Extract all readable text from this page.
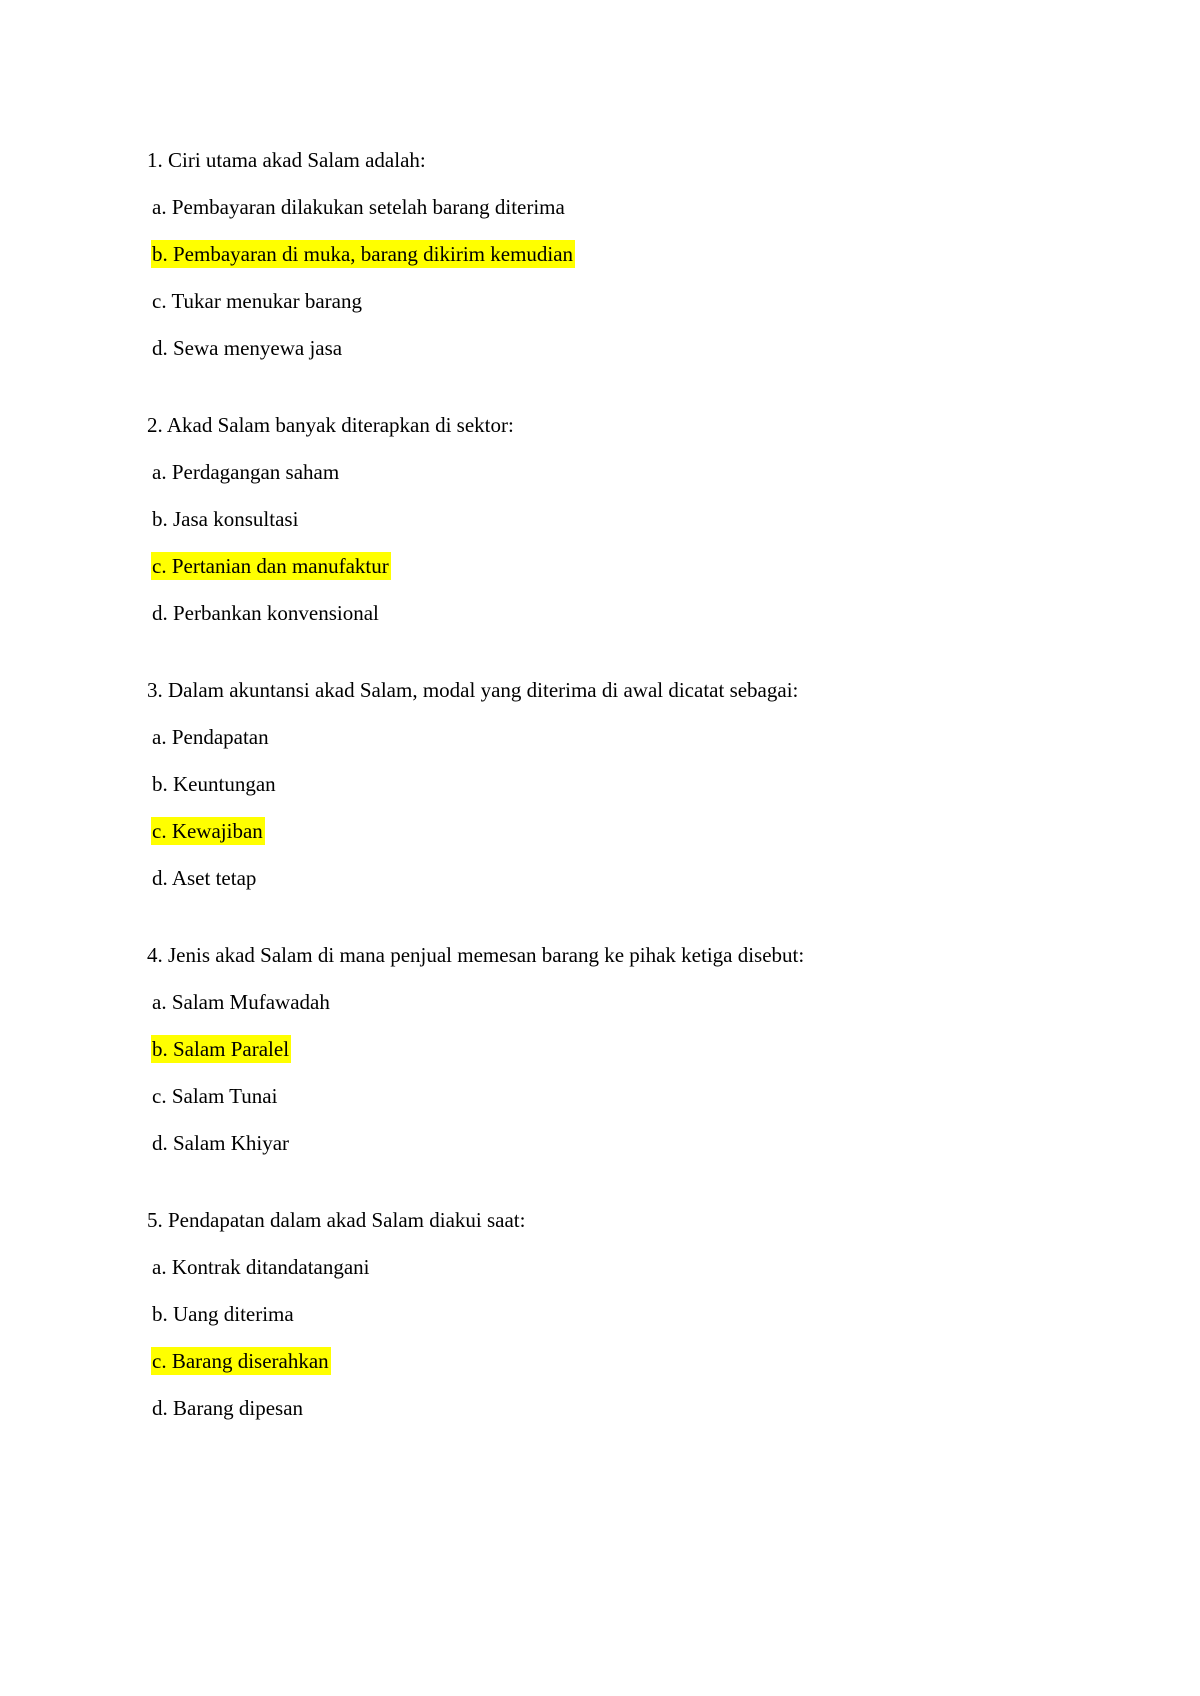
1. Ciri utama akad Salam adalah:
a. Pembayaran dilakukan setelah barang diterima
b. Pembayaran di muka, barang dikirim kemudian
c. Tukar menukar barang
d. Sewa menyewa jasa
2. Akad Salam banyak diterapkan di sektor:
a. Perdagangan saham
b. Jasa konsultasi
c. Pertanian dan manufaktur
d. Perbankan konvensional
3. Dalam akuntansi akad Salam, modal yang diterima di awal dicatat sebagai:
a. Pendapatan
b. Keuntungan
c. Kewajiban
d. Aset tetap
4. Jenis akad Salam di mana penjual memesan barang ke pihak ketiga disebut:
a. Salam Mufawadah
b. Salam Paralel
c. Salam Tunai
d. Salam Khiyar
5. Pendapatan dalam akad Salam diakui saat:
a. Kontrak ditandatangani
b. Uang diterima
c. Barang diserahkan
d. Barang dipesan
